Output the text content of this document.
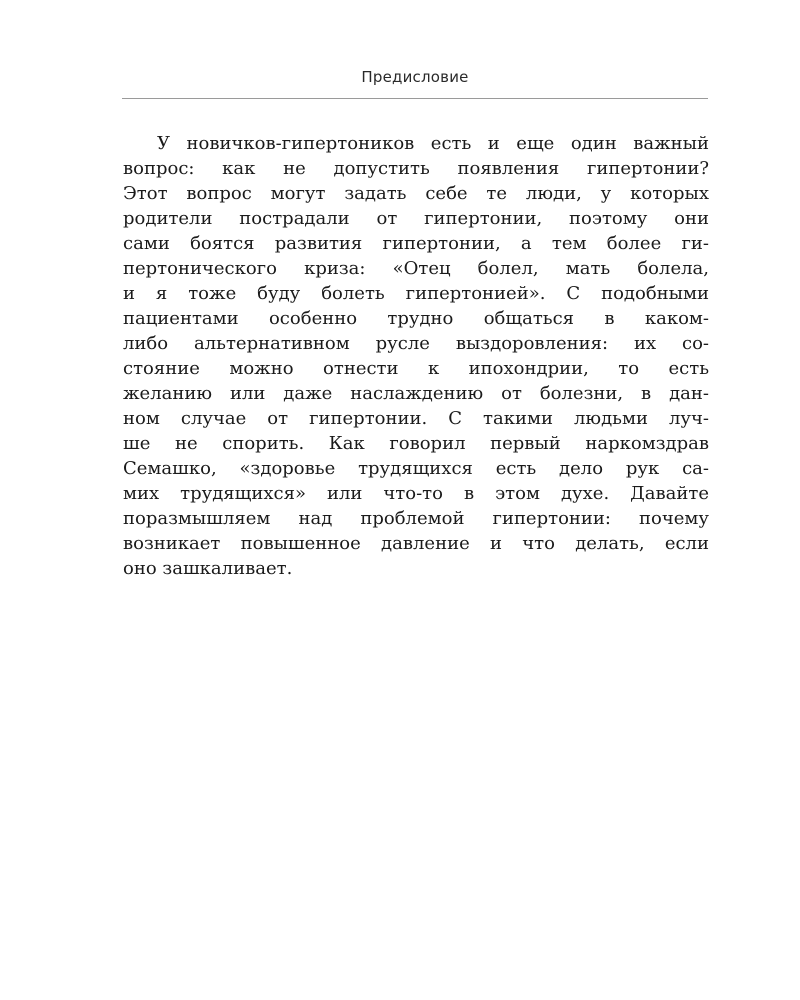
Предисловие
У новичков-гипертоников есть и еще один важный
вопрос: как не допустить появления гипертонии?
Этот вопрос могут задать себе те люди, у которых
родители пострадали от гипертонии, поэтому они
сами боятся развития гипертонии, а тем более ги-
пертонического криза: «Отец болел, мать болела,
и я тоже буду болеть гипертонией». С подобными
пациентами особенно трудно общаться в каком-
либо альтернативном русле выздоровления: их со-
стояние можно отнести к ипохондрии, то есть
желанию или даже наслаждению от болезни, в дан-
ном случае от гипертонии. С такими людьми луч-
ше не спорить. Как говорил первый наркомздрав
Семашко, «здоровье трудящихся есть дело рук са-
мих трудящихся» или что-то в этом духе. Давайте
поразмышляем над проблемой гипертонии: почему
возникает повышенное давление и что делать, если
оно зашкаливает.
